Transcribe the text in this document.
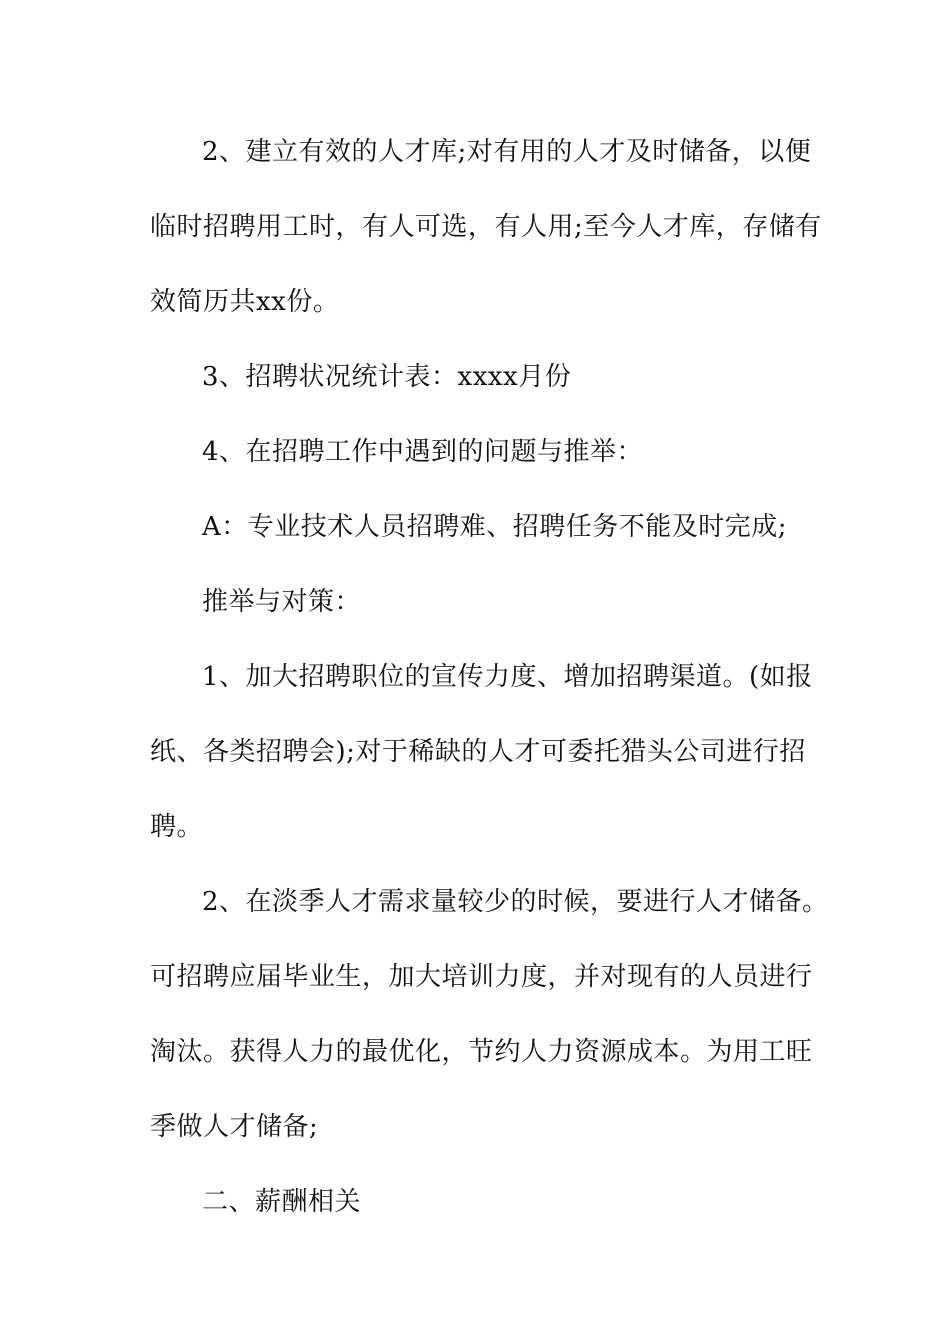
2、建立有效的人才库;对有用的人才及时储备，以便

临时招聘用工时，有人可选，有人用;至今人才库，存储有

效简历共xx份。

3、招聘状况统计表：xxxx月份

4、在招聘工作中遇到的问题与推举：

A：专业技术人员招聘难、招聘任务不能及时完成;

推举与对策：

1、加大招聘职位的宣传力度、增加招聘渠道。(如报

纸、各类招聘会);对于稀缺的人才可委托猎头公司进行招

聘。

2、在淡季人才需求量较少的时候，要进行人才储备。

可招聘应届毕业生，加大培训力度，并对现有的人员进行

淘汰。获得人力的最优化，节约人力资源成本。为用工旺

季做人才储备;

二、薪酬相关
